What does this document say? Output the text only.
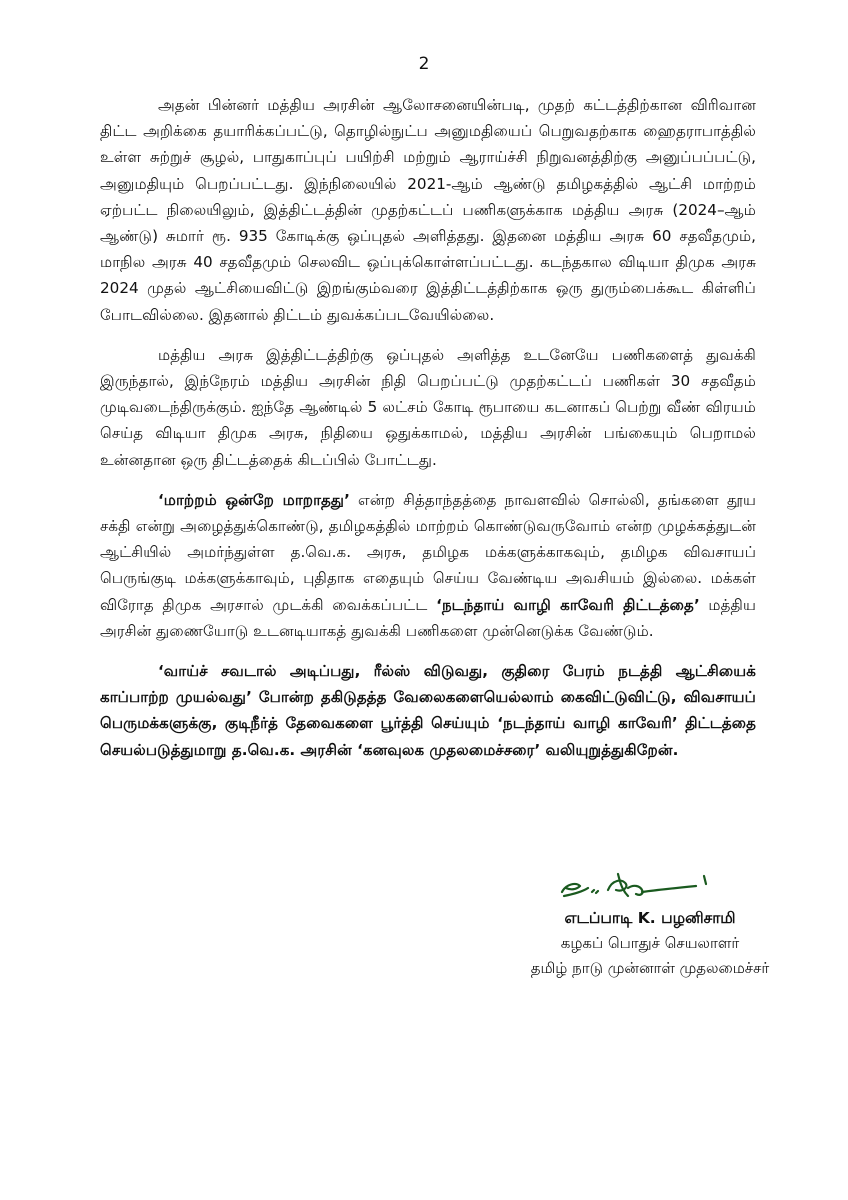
2

அதன் பின்னர் மத்திய அரசின் ஆலோசனையின்படி, முதற் கட்டத்திற்கான விரிவான திட்ட அறிக்கை தயாரிக்கப்பட்டு, தொழில்நுட்ப அனுமதியைப் பெறுவதற்காக ஹைதராபாத்தில் உள்ள சுற்றுச் சூழல், பாதுகாப்புப் பயிற்சி மற்றும் ஆராய்ச்சி நிறுவனத்திற்கு அனுப்பப்பட்டு, அனுமதியும் பெறப்பட்டது. இந்நிலையில் 2021-ஆம் ஆண்டு தமிழகத்தில் ஆட்சி மாற்றம் ஏற்பட்ட நிலையிலும், இத்திட்டத்தின் முதற்கட்டப் பணிகளுக்காக மத்திய அரசு (2024–ஆம் ஆண்டு) சுமார் ரூ. 935 கோடிக்கு ஒப்புதல் அளித்தது. இதனை மத்திய அரசு 60 சதவீதமும், மாநில அரசு 40 சதவீதமும் செலவிட ஒப்புக்கொள்ளப்பட்டது. கடந்தகால விடியா திமுக அரசு 2024 முதல் ஆட்சியைவிட்டு இறங்கும்வரை இத்திட்டத்திற்காக ஒரு துரும்பைக்கூட கிள்ளிப் போடவில்லை. இதனால் திட்டம் துவக்கப்படவேயில்லை.

மத்திய அரசு இத்திட்டத்திற்கு ஒப்புதல் அளித்த உடனேயே பணிகளைத் துவக்கி இருந்தால், இந்நேரம் மத்திய அரசின் நிதி பெறப்பட்டு முதற்கட்டப் பணிகள் 30 சதவீதம் முடிவடைந்திருக்கும். ஐந்தே ஆண்டில் 5 லட்சம் கோடி ரூபாயை கடனாகப் பெற்று வீண் விரயம் செய்த விடியா திமுக அரசு, நிதியை ஒதுக்காமல், மத்திய அரசின் பங்கையும் பெறாமல் உன்னதான ஒரு திட்டத்தைக் கிடப்பில் போட்டது.

‘மாற்றம் ஒன்றே மாறாதது’ என்ற சித்தாந்தத்தை நாவளவில் சொல்லி, தங்களை தூய சக்தி என்று அழைத்துக்கொண்டு, தமிழகத்தில் மாற்றம் கொண்டுவருவோம் என்ற முழக்கத்துடன் ஆட்சியில் அமர்ந்துள்ள த.வெ.க. அரசு, தமிழக மக்களுக்காகவும், தமிழக விவசாயப் பெருங்குடி மக்களுக்காவும், புதிதாக எதையும் செய்ய வேண்டிய அவசியம் இல்லை. மக்கள் விரோத திமுக அரசால் முடக்கி வைக்கப்பட்ட ‘நடந்தாய் வாழி காவேரி திட்டத்தை’ மத்திய அரசின் துணையோடு உடனடியாகத் துவக்கி பணிகளை முன்னெடுக்க வேண்டும்.

‘வாய்ச் சவடால் அடிப்பது, ரீல்ஸ் விடுவது, குதிரை பேரம் நடத்தி ஆட்சியைக் காப்பாற்ற முயல்வது’ போன்ற தகிடுதத்த வேலைகளையெல்லாம் கைவிட்டுவிட்டு, விவசாயப் பெருமக்களுக்கு, குடிநீர்த் தேவைகளை பூர்த்தி செய்யும் ‘நடந்தாய் வாழி காவேரி’ திட்டத்தை செயல்படுத்துமாறு த.வெ.க. அரசின் ‘கனவுலக முதலமைச்சரை’ வலியுறுத்துகிறேன்.

எடப்பாடி K. பழனிசாமி
கழகப் பொதுச் செயலாளர்
தமிழ் நாடு முன்னாள் முதலமைச்சர்
